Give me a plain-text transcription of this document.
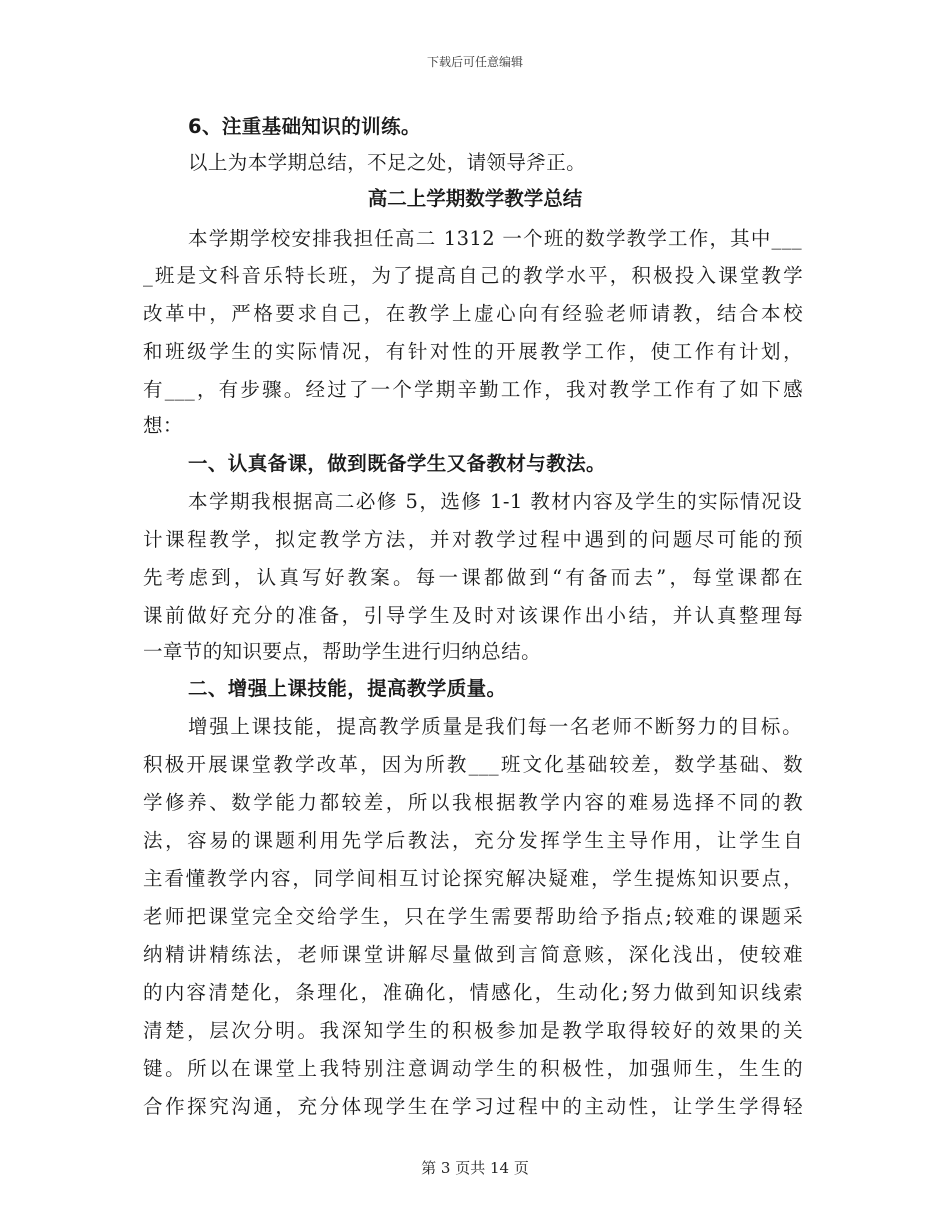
下载后可任意编辑
6、注重基础知识的训练。
以上为本学期总结，不足之处，请领导斧正。
高二上学期数学教学总结
本学期学校安排我担任高二 1312 一个班的数学教学工作，其中___
_班是文科音乐特长班，为了提高自己的教学水平，积极投入课堂教学
改革中，严格要求自己，在教学上虚心向有经验老师请教，结合本校
和班级学生的实际情况，有针对性的开展教学工作，使工作有计划，
有___，有步骤。经过了一个学期辛勤工作，我对教学工作有了如下感
想：
一、认真备课，做到既备学生又备教材与教法。
本学期我根据高二必修 5，选修 1-1 教材内容及学生的实际情况设
计课程教学，拟定教学方法，并对教学过程中遇到的问题尽可能的预
先考虑到，认真写好教案。每一课都做到“有备而去”，每堂课都在
课前做好充分的准备，引导学生及时对该课作出小结，并认真整理每
一章节的知识要点，帮助学生进行归纳总结。
二、增强上课技能，提高教学质量。
增强上课技能，提高教学质量是我们每一名老师不断努力的目标。
积极开展课堂教学改革，因为所教___班文化基础较差，数学基础、数
学修养、数学能力都较差，所以我根据教学内容的难易选择不同的教
法，容易的课题利用先学后教法，充分发挥学生主导作用，让学生自
主看懂教学内容，同学间相互讨论探究解决疑难，学生提炼知识要点，
老师把课堂完全交给学生，只在学生需要帮助给予指点;较难的课题采
纳精讲精练法，老师课堂讲解尽量做到言简意赅，深化浅出，使较难
的内容清楚化，条理化，准确化，情感化，生动化;努力做到知识线索
清楚，层次分明。我深知学生的积极参加是教学取得较好的效果的关
键。所以在课堂上我特别注意调动学生的积极性，加强师生，生生的
合作探究沟通，充分体现学生在学习过程中的主动性，让学生学得轻
第 3 页共 14 页
